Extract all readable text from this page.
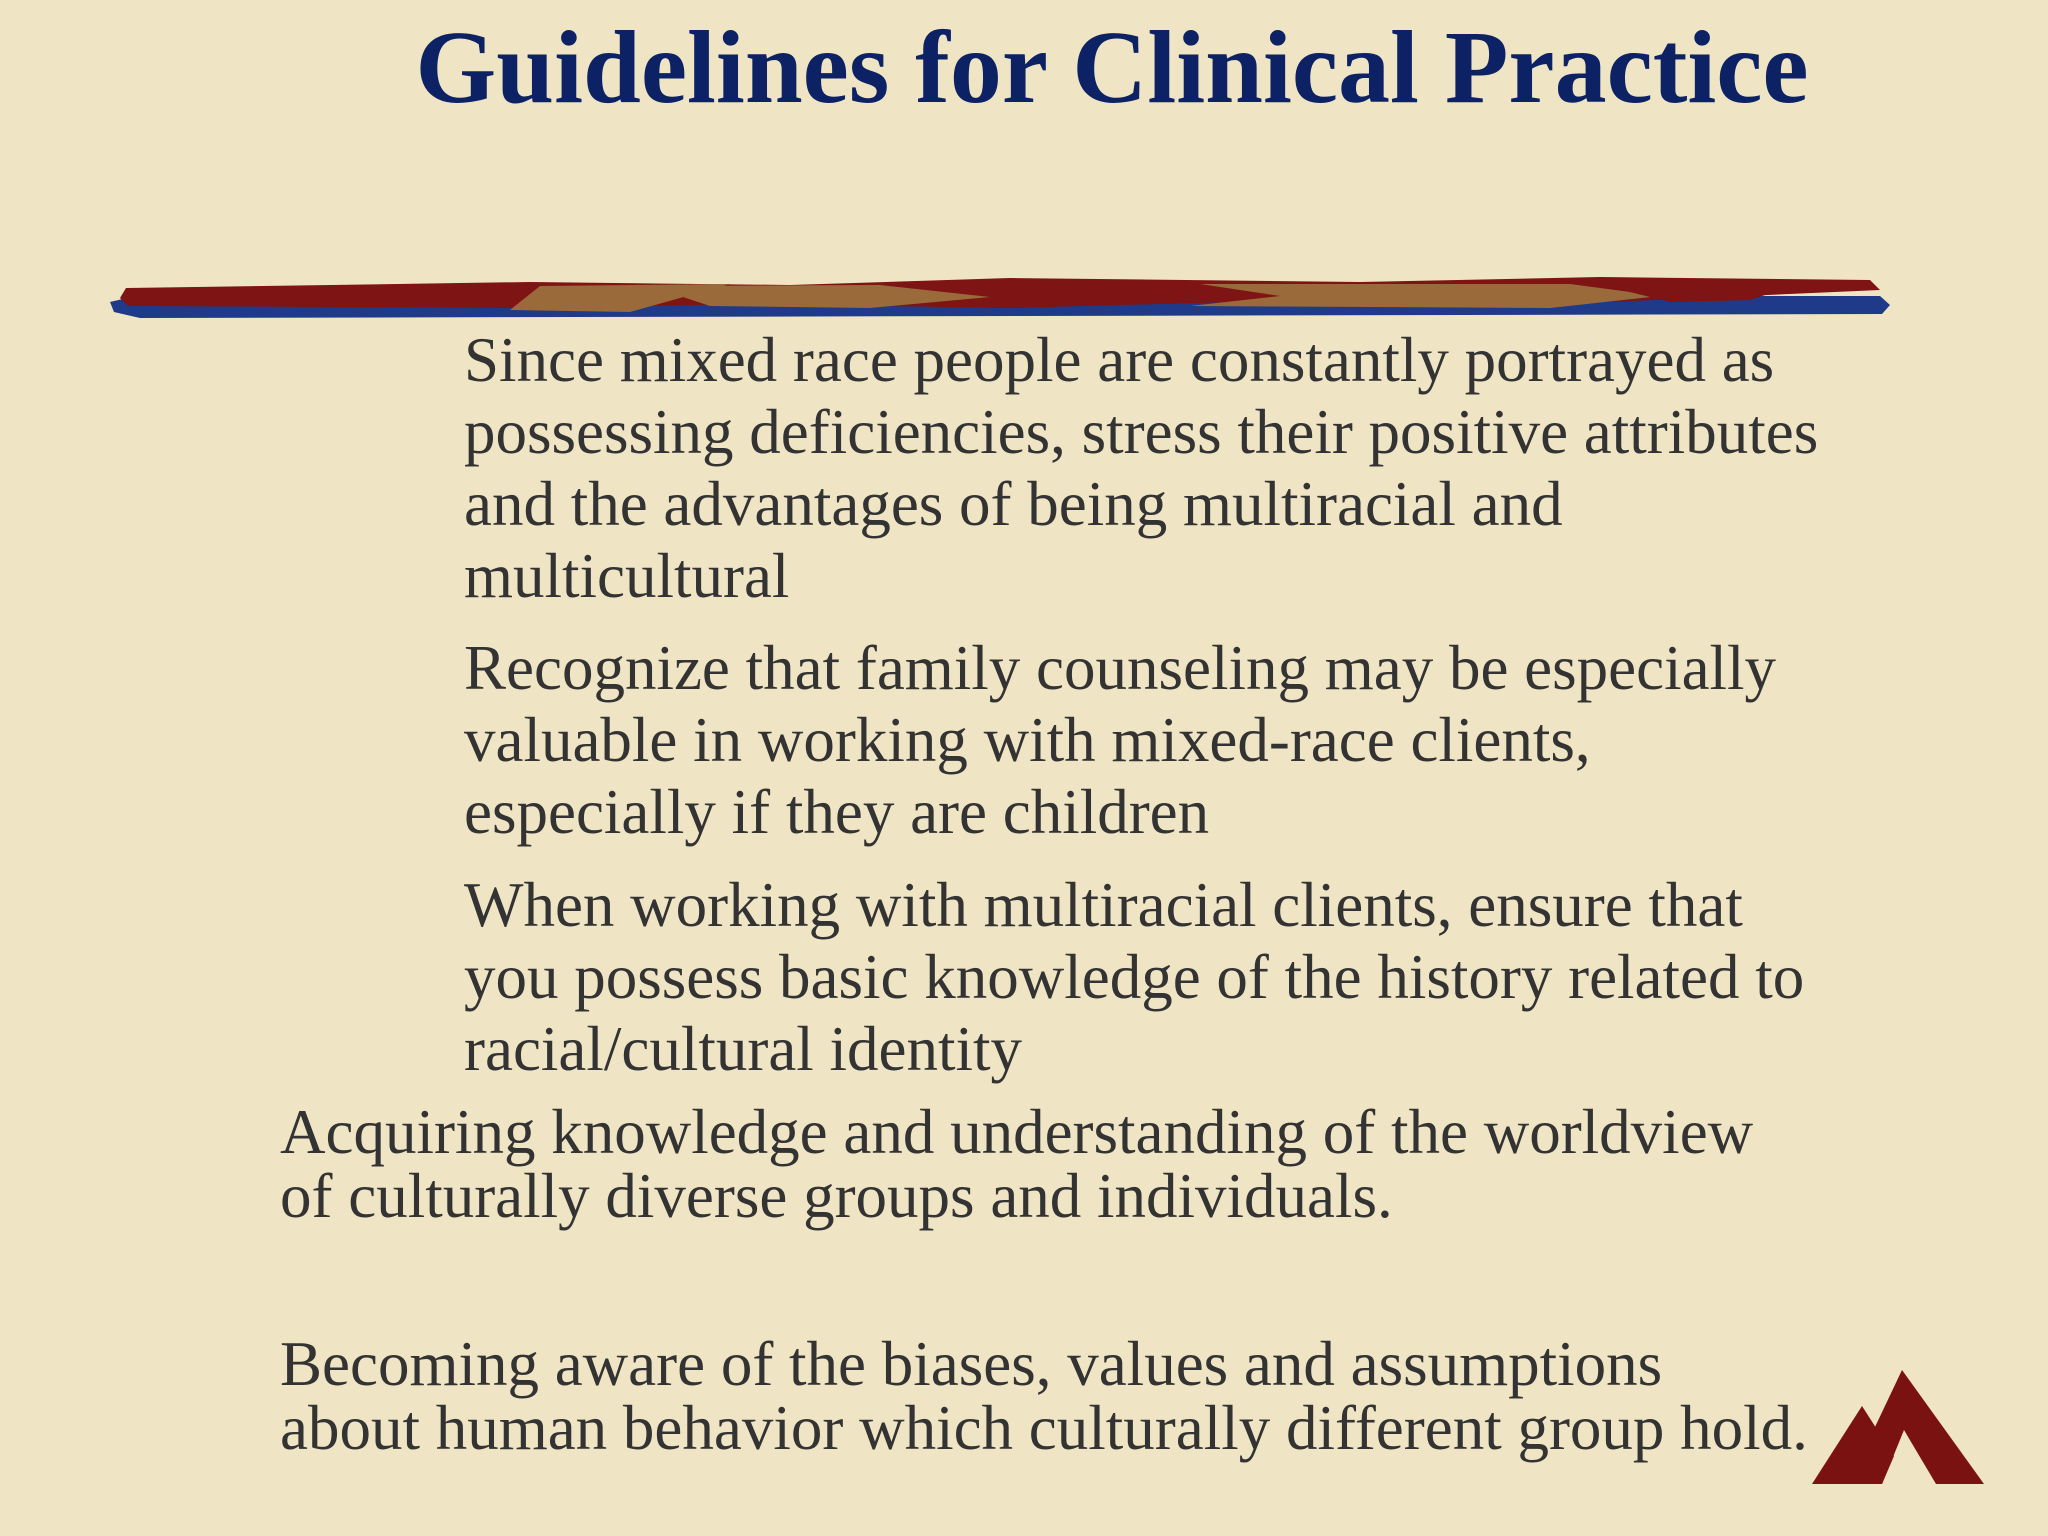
Guidelines for Clinical Practice
Since mixed race people are constantly portrayed as
possessing deficiencies, stress their positive attributes
and the advantages of being multiracial and
multicultural
Recognize that family counseling may be especially
valuable in working with mixed-race clients,
especially if they are children
When working with multiracial clients, ensure that
you possess basic knowledge of the history related to
racial/cultural identity
Acquiring knowledge and understanding of the worldview
of culturally diverse groups and individuals.
Becoming aware of the biases, values and assumptions
about human behavior which culturally different group hold.
